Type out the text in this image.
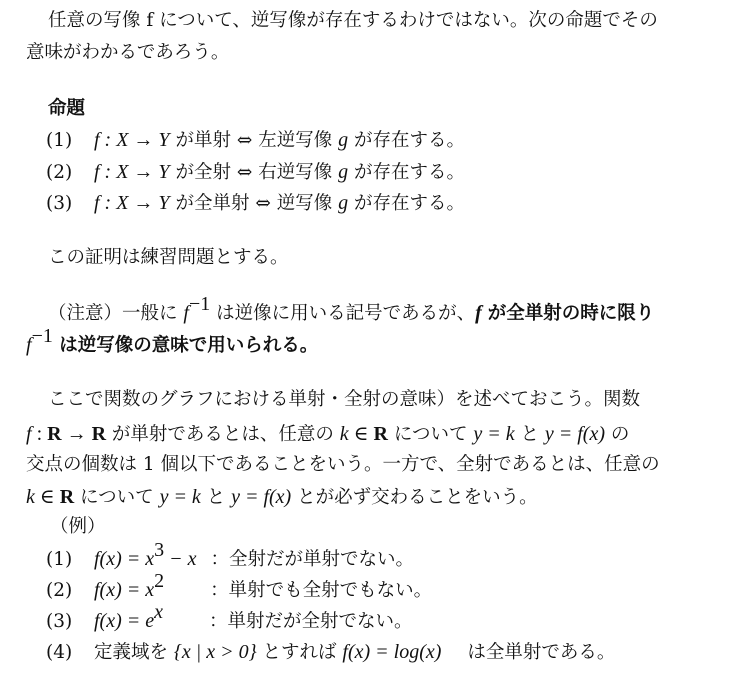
任意の写像 f について、逆写像が存在するわけではない。次の命題でその
意味がわかるであろう。
命題
(1) f : X → Y が単射 ⇔ 左逆写像 g が存在する。
(2) f : X → Y が全射 ⇔ 右逆写像 g が存在する。
(3) f : X → Y が全単射 ⇔ 逆写像 g が存在する。
この証明は練習問題とする。
（注意）一般に $f^{-1}$ は逆像に用いる記号であるが、f が全単射の時に限り
$f^{-1}$ は逆写像の意味で用いられる。
ここで関数のグラフにおける単射・全射の意味）を述べておこう。関数
f : R → R が単射であるとは、任意の k ∈ R について y = k と y = f(x) の
交点の個数は 1 個以下であることをいう。一方で、全射であるとは、任意の
k ∈ R について y = k と y = f(x) とが必ず交わることをいう。
（例）
(1) $f(x) = x^3 - x$ ：全射だが単射でない。
(2) $f(x) = x^2$ ：単射でも全射でもない。
(3) $f(x) = e^x$ ：単射だが全射でない。
(4) 定義域を {x | x > 0} とすれば f(x) = log(x) は全単射である。
